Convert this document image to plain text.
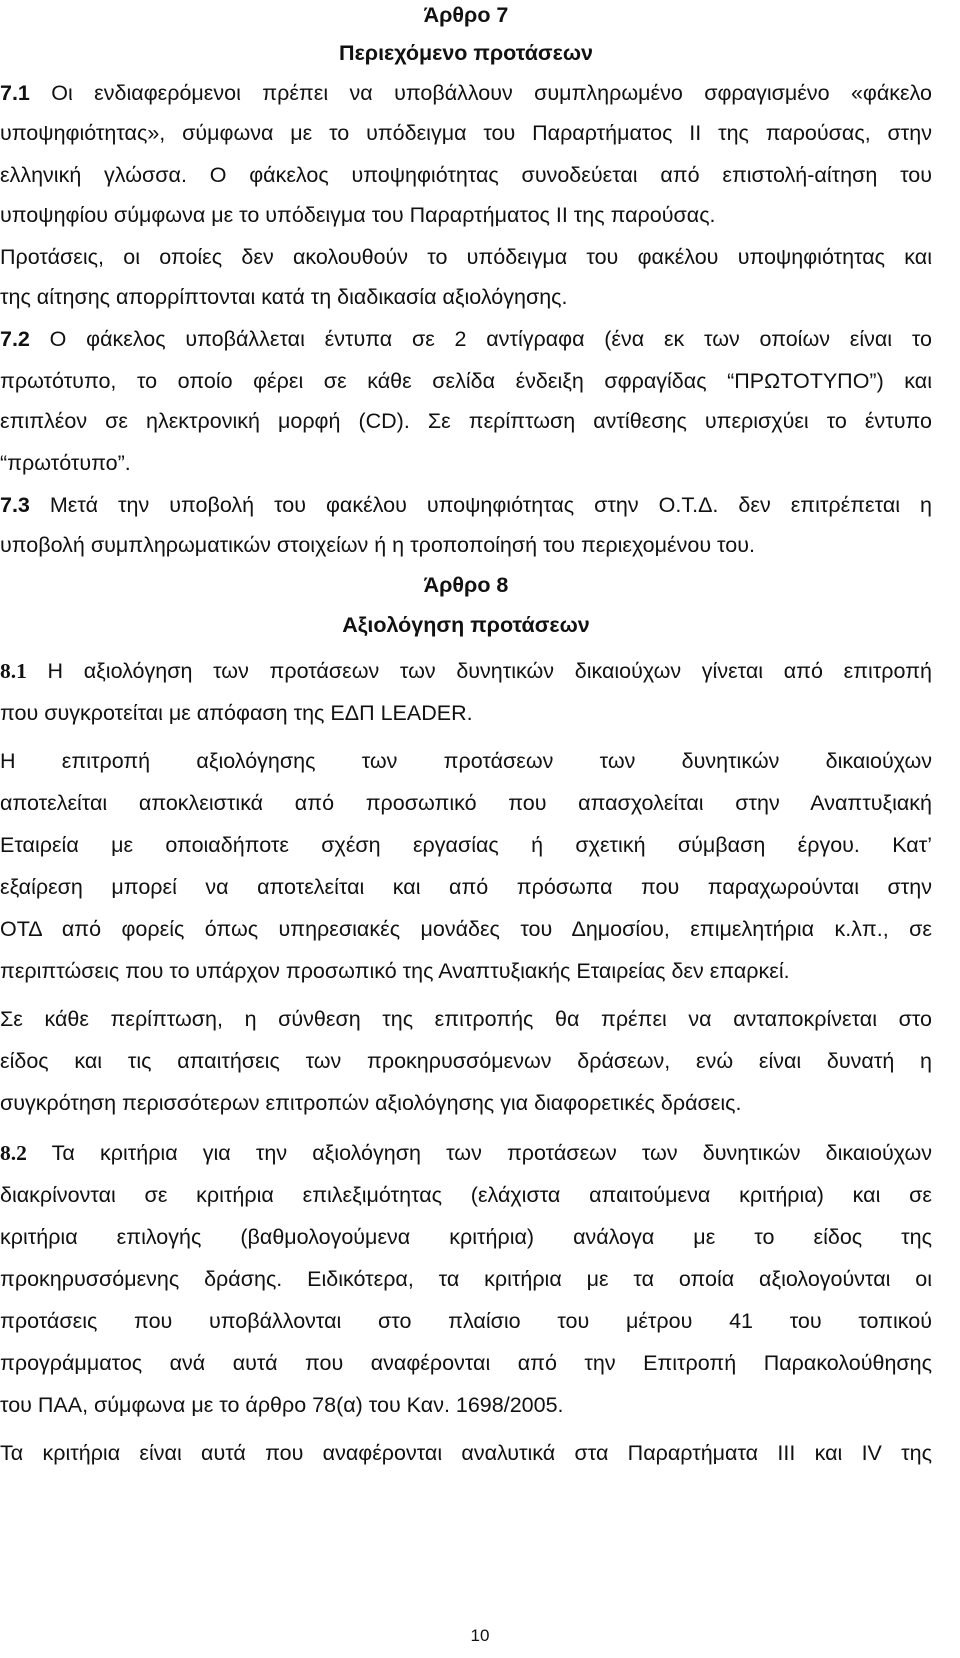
Άρθρο 7
Περιεχόμενο προτάσεων
7.1 Οι ενδιαφερόμενοι πρέπει να υποβάλλουν συμπληρωμένο σφραγισμένο «φάκελο
υποψηφιότητας», σύμφωνα με το υπόδειγμα του Παραρτήματος ΙΙ της παρούσας, στην
ελληνική γλώσσα. Ο φάκελος υποψηφιότητας συνοδεύεται από επιστολή-αίτηση του
υποψηφίου σύμφωνα με το υπόδειγμα του Παραρτήματος ΙΙ της παρούσας.
Προτάσεις, οι οποίες δεν ακολουθούν το υπόδειγμα του φακέλου υποψηφιότητας και
της αίτησης απορρίπτονται κατά τη διαδικασία αξιολόγησης.
7.2 Ο φάκελος υποβάλλεται έντυπα σε 2 αντίγραφα (ένα εκ των οποίων είναι το
πρωτότυπο, το οποίο φέρει σε κάθε σελίδα ένδειξη σφραγίδας “ΠΡΩΤΟΤΥΠΟ”) και
επιπλέον σε ηλεκτρονική μορφή (CD). Σε περίπτωση αντίθεσης υπερισχύει το έντυπο
“πρωτότυπο”.
7.3 Μετά την υποβολή του φακέλου υποψηφιότητας στην Ο.Τ.Δ. δεν επιτρέπεται η
υποβολή συμπληρωματικών στοιχείων ή η τροποποίησή του περιεχομένου του.
Άρθρο 8
Αξιολόγηση προτάσεων
8.1 Η αξιολόγηση των προτάσεων των δυνητικών δικαιούχων γίνεται από επιτροπή
που συγκροτείται με απόφαση της ΕΔΠ LEADER.
Η επιτροπή αξιολόγησης των προτάσεων των δυνητικών δικαιούχων
αποτελείται αποκλειστικά από προσωπικό που απασχολείται στην Αναπτυξιακή
Εταιρεία με οποιαδήποτε σχέση εργασίας ή σχετική σύμβαση έργου. Κατ’
εξαίρεση μπορεί να αποτελείται και από πρόσωπα που παραχωρούνται στην
ΟΤΔ από φορείς όπως υπηρεσιακές μονάδες του Δημοσίου, επιμελητήρια κ.λπ., σε
περιπτώσεις που το υπάρχον προσωπικό της Αναπτυξιακής Εταιρείας δεν επαρκεί.
Σε κάθε περίπτωση, η σύνθεση της επιτροπής θα πρέπει να ανταποκρίνεται στο
είδος και τις απαιτήσεις των προκηρυσσόμενων δράσεων, ενώ είναι δυνατή η
συγκρότηση περισσότερων επιτροπών αξιολόγησης για διαφορετικές δράσεις.
8.2 Τα κριτήρια για την αξιολόγηση των προτάσεων των δυνητικών δικαιούχων
διακρίνονται σε κριτήρια επιλεξιμότητας (ελάχιστα απαιτούμενα κριτήρια) και σε
κριτήρια επιλογής (βαθμολογούμενα κριτήρια) ανάλογα με το είδος της
προκηρυσσόμενης δράσης. Ειδικότερα, τα κριτήρια με τα οποία αξιολογούνται οι
προτάσεις που υποβάλλονται στο πλαίσιο του μέτρου 41 του τοπικού
προγράμματος ανά αυτά που αναφέρονται από την Επιτροπή Παρακολούθησης
του ΠΑΑ, σύμφωνα με το άρθρο 78(α) του Καν. 1698/2005.
Τα κριτήρια είναι αυτά που αναφέρονται αναλυτικά στα Παραρτήματα ΙΙΙ και ΙV της
10
